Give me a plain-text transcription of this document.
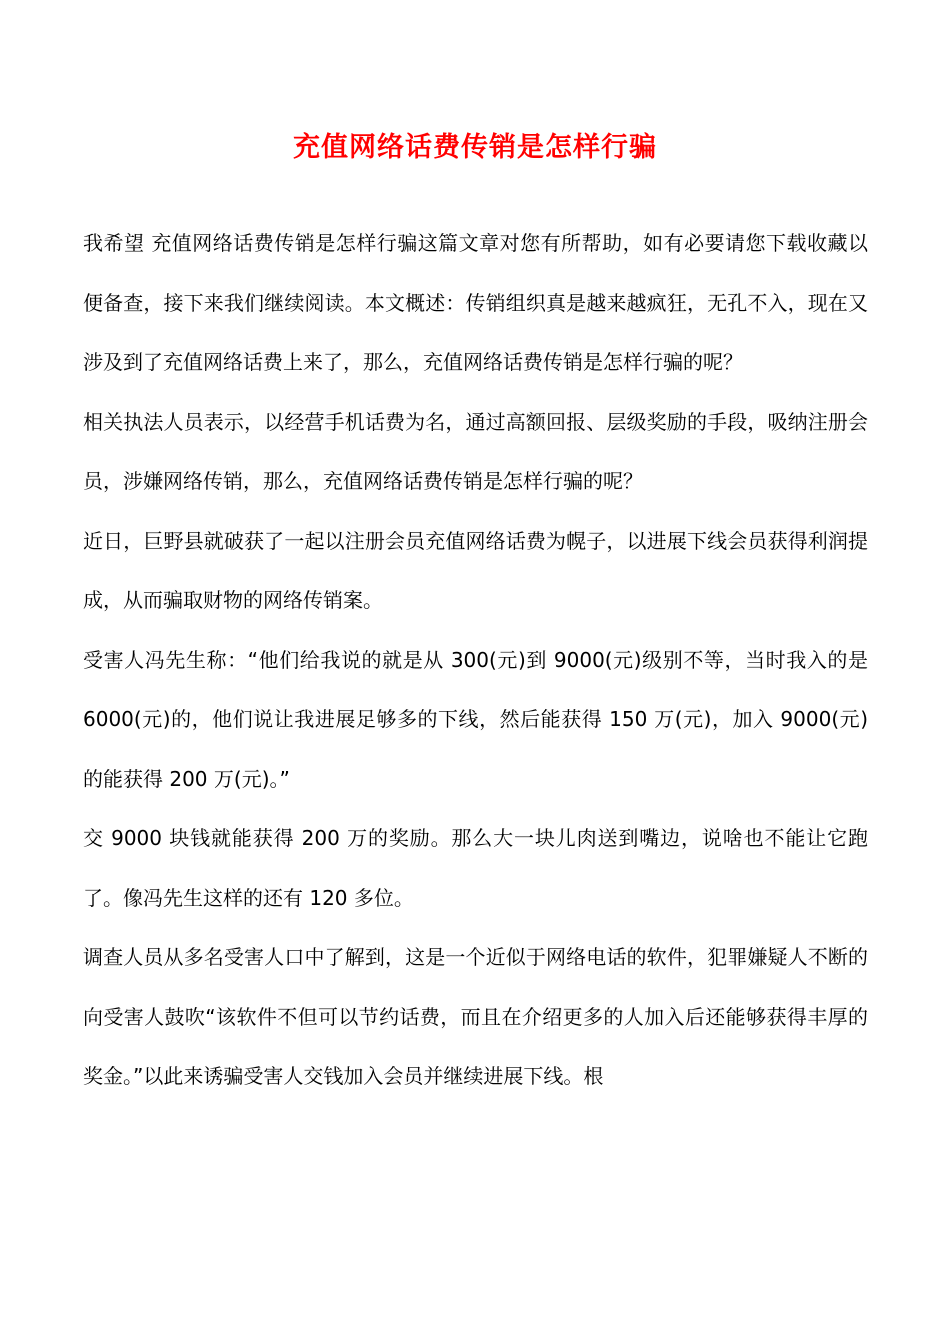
充值网络话费传销是怎样行骗

我希望 充值网络话费传销是怎样行骗这篇文章对您有所帮助，如有必要请您下载收藏以便备查，接下来我们继续阅读。本文概述：传销组织真是越来越疯狂，无孔不入，现在又涉及到了充值网络话费上来了，那么，充值网络话费传销是怎样行骗的呢？

相关执法人员表示，以经营手机话费为名，通过高额回报、层级奖励的手段，吸纳注册会员，涉嫌网络传销，那么，充值网络话费传销是怎样行骗的呢？

近日，巨野县就破获了一起以注册会员充值网络话费为幌子，以进展下线会员获得利润提成，从而骗取财物的网络传销案。

受害人冯先生称：“他们给我说的就是从 300(元)到 9000(元)级别不等，当时我入的是 6000(元)的，他们说让我进展足够多的下线，然后能获得 150 万(元)，加入 9000(元)的能获得 200 万(元)。”

交 9000 块钱就能获得 200 万的奖励。那么大一块儿肉送到嘴边，说啥也不能让它跑了。像冯先生这样的还有 120 多位。

调查人员从多名受害人口中了解到，这是一个近似于网络电话的软件，犯罪嫌疑人不断的向受害人鼓吹“该软件不但可以节约话费，而且在介绍更多的人加入后还能够获得丰厚的奖金。”以此来诱骗受害人交钱加入会员并继续进展下线。根
